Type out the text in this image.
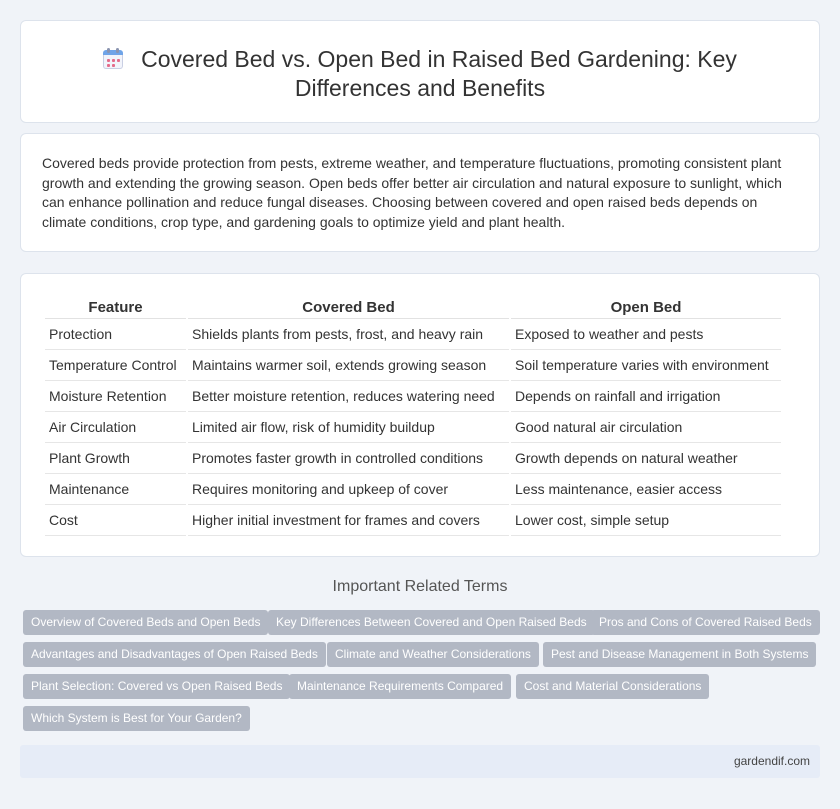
Covered Bed vs. Open Bed in Raised Bed Gardening: Key
Differences and Benefits

Covered beds provide protection from pests, extreme weather, and temperature fluctuations, promoting consistent plant growth and extending the growing season. Open beds offer better air circulation and natural exposure to sunlight, which can enhance pollination and reduce fungal diseases. Choosing between covered and open raised beds depends on climate conditions, crop type, and gardening goals to optimize yield and plant health.

Feature	Covered Bed	Open Bed
Protection	Shields plants from pests, frost, and heavy rain	Exposed to weather and pests
Temperature Control	Maintains warmer soil, extends growing season	Soil temperature varies with environment
Moisture Retention	Better moisture retention, reduces watering need	Depends on rainfall and irrigation
Air Circulation	Limited air flow, risk of humidity buildup	Good natural air circulation
Plant Growth	Promotes faster growth in controlled conditions	Growth depends on natural weather
Maintenance	Requires monitoring and upkeep of cover	Less maintenance, easier access
Cost	Higher initial investment for frames and covers	Lower cost, simple setup
Important Related Terms
Overview of Covered Beds and Open Beds	Key Differences Between Covered and Open Raised Beds	Pros and Cons of Covered Raised Beds
Advantages and Disadvantages of Open Raised Beds	Climate and Weather Considerations	Pest and Disease Management in Both Systems
Plant Selection: Covered vs Open Raised Beds	Maintenance Requirements Compared	Cost and Material Considerations
Which System is Best for Your Garden?
gardendif.com
